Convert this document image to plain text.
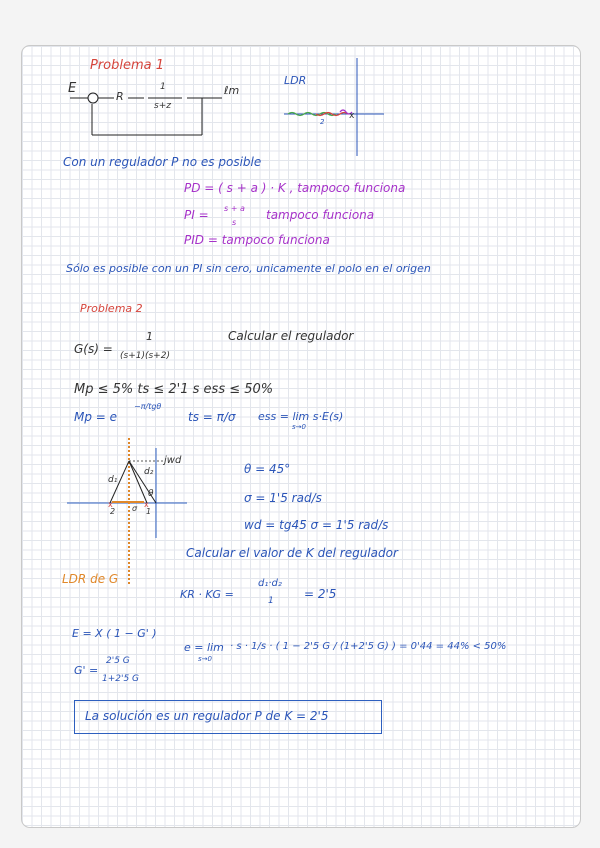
Problema 1
x
E
R
1
s+z
ℓm
LDR
2
Con un regulador P no es posible
PD = ( s + a ) · K , tampoco funciona
PI = s + a
s
tampoco funciona
PID = tampoco funciona
Sólo es posible con un PI sin cero, unicamente el polo en el origen
Problema 2
G(s) =
1
(s+1)(s+2)
Calcular el regulador
Mp ≤ 5% ts ≤ 2'1 s ess ≤ 50%
Mp = e
−π/tgθ
ts = π/σ ess = lim s·E(s)
s→0
x	x
jwd
d₁
d₂
θ
σ
2	1
θ = 45°
σ = 1'5 rad/s
wd = tg45 σ = 1'5 rad/s
Calcular el valor de K del regulador
LDR de G
KR · KG =
d₁·d₂
1	= 2'5
E = X ( 1 − G' )
G' =
2'5 G
1+2'5 G
e = lim
s→0
· s · 1/s · ( 1 − 2'5 G / (1+2'5 G) ) = 0'44 = 44% < 50%
La solución es un regulador P de K = 2'5
